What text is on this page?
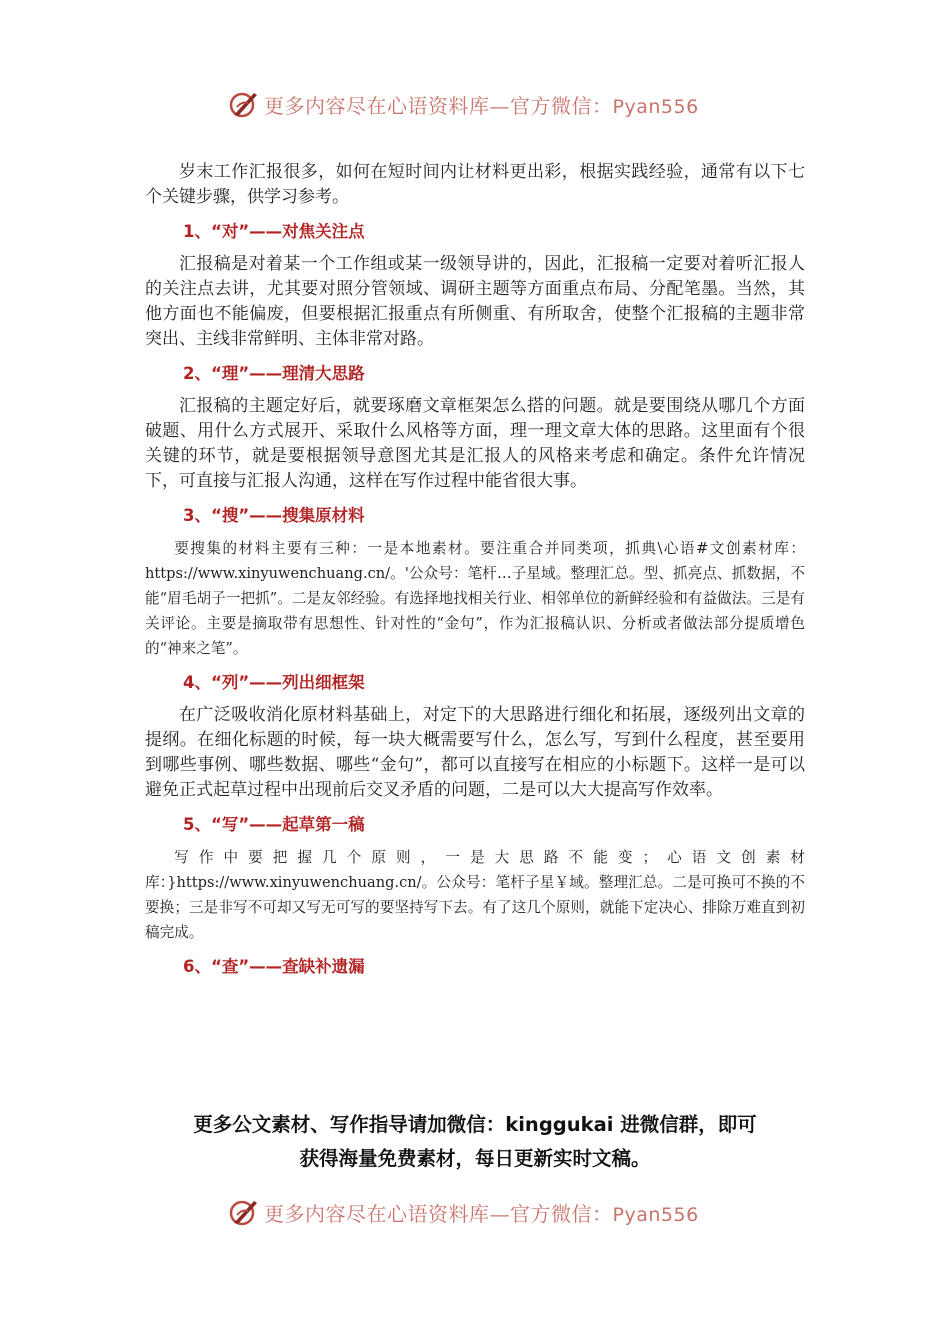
更多内容尽在心语资料库—官方微信：Pyan556

岁末工作汇报很多，如何在短时间内让材料更出彩，根据实践经验，通常有以下七个关键步骤，供学习参考。

1、“对”——对焦关注点

汇报稿是对着某一个工作组或某一级领导讲的，因此，汇报稿一定要对着听汇报人的关注点去讲，尤其要对照分管领域、调研主题等方面重点布局、分配笔墨。当然，其他方面也不能偏废，但要根据汇报重点有所侧重、有所取舍，使整个汇报稿的主题非常突出、主线非常鲜明、主体非常对路。

2、“理”——理清大思路

汇报稿的主题定好后，就要琢磨文章框架怎么搭的问题。就是要围绕从哪几个方面破题、用什么方式展开、采取什么风格等方面，理一理文章大体的思路。这里面有个很关键的环节，就是要根据领导意图尤其是汇报人的风格来考虑和确定。条件允许情况下，可直接与汇报人沟通，这样在写作过程中能省很大事。

3、“搜”——搜集原材料

要搜集的材料主要有三种：一是本地素材。要注重合并同类项，抓典\心语#文创素材库：https://www.xinyuwenchuang.cn/。'公众号：笔杆…子星域。整理汇总。型、抓亮点、抓数据，不能“眉毛胡子一把抓”。二是友邻经验。有选择地找相关行业、相邻单位的新鲜经验和有益做法。三是有关评论。主要是摘取带有思想性、针对性的“金句”，作为汇报稿认识、分析或者做法部分提质增色的“神来之笔”。

4、“列”——列出细框架

在广泛吸收消化原材料基础上，对定下的大思路进行细化和拓展，逐级列出文章的提纲。在细化标题的时候，每一块大概需要写什么，怎么写，写到什么程度，甚至要用到哪些事例、哪些数据、哪些“金句”，都可以直接写在相应的小标题下。这样一是可以避免正式起草过程中出现前后交叉矛盾的问题，二是可以大大提高写作效率。

5、“写”——起草第一稿

写作中要把握几个原则，一是大思路不能变；心语文创素材库：}https://www.xinyuwenchuang.cn/。公众号：笔杆子星￥域。整理汇总。二是可换可不换的不要换；三是非写不可却又写无可写的要坚持写下去。有了这几个原则，就能下定决心、排除万难直到初稿完成。

6、“查”——查缺补遗漏
更多公文素材、写作指导请加微信：kinggukai 进微信群，即可
获得海量免费素材，每日更新实时文稿。
更多内容尽在心语资料库—官方微信：Pyan556
